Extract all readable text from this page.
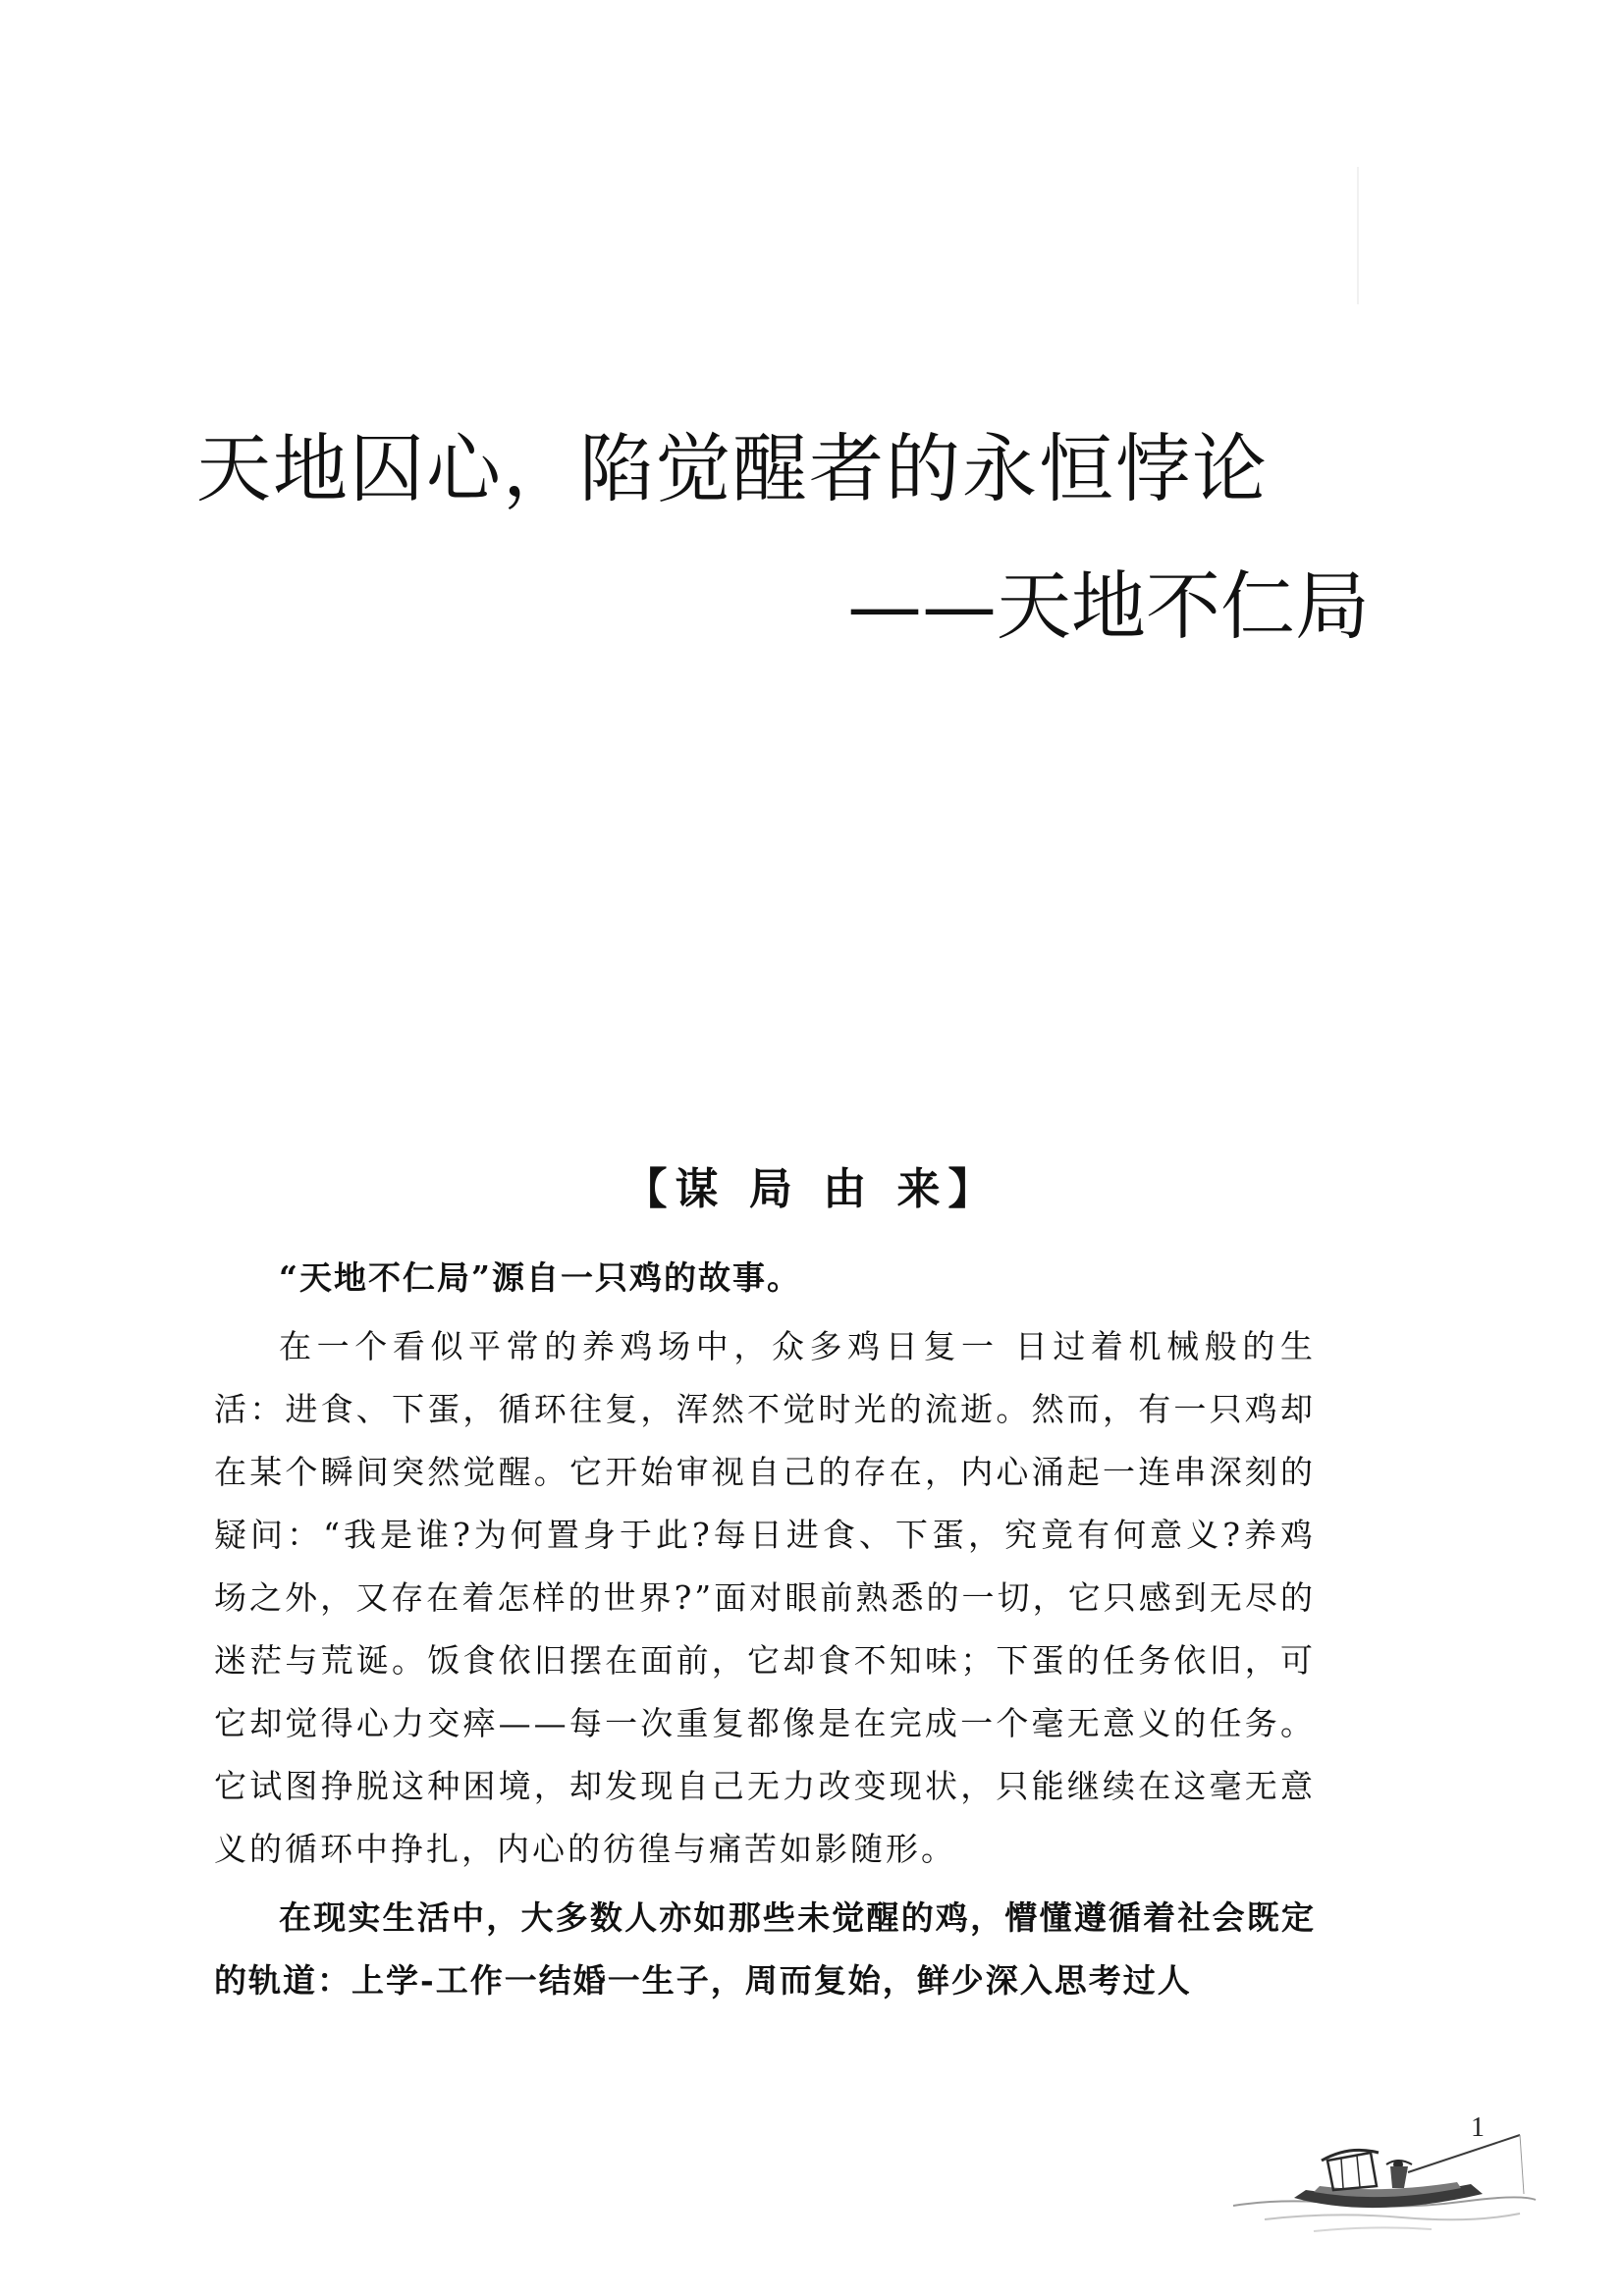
天地囚心，陷觉醒者的永恒悖论
——天地不仁局
【谋 局 由 来】

“天地不仁局”源自一只鸡的故事。

在一个看似平常的养鸡场中，众多鸡日复一 日过着机械般的生活：进食、下蛋，循环往复，浑然不觉时光的流逝。然而，有一只鸡却在某个瞬间突然觉醒。它开始审视自己的存在，内心涌起一连串深刻的疑问：“我是谁?为何置身于此?每日进食、下蛋，究竟有何意义?养鸡场之外，又存在着怎样的世界?”面对眼前熟悉的一切，它只感到无尽的迷茫与荒诞。饭食依旧摆在面前，它却食不知味；下蛋的任务依旧，可它却觉得心力交瘁——每一次重复都像是在完成一个毫无意义的任务。它试图挣脱这种困境，却发现自己无力改变现状，只能继续在这毫无意义的循环中挣扎，内心的彷徨与痛苦如影随形。

在现实生活中，大多数人亦如那些未觉醒的鸡，懵懂遵循着社会既定的轨道：上学-工作一结婚一生子，周而复始，鲜少深入思考过人

1
